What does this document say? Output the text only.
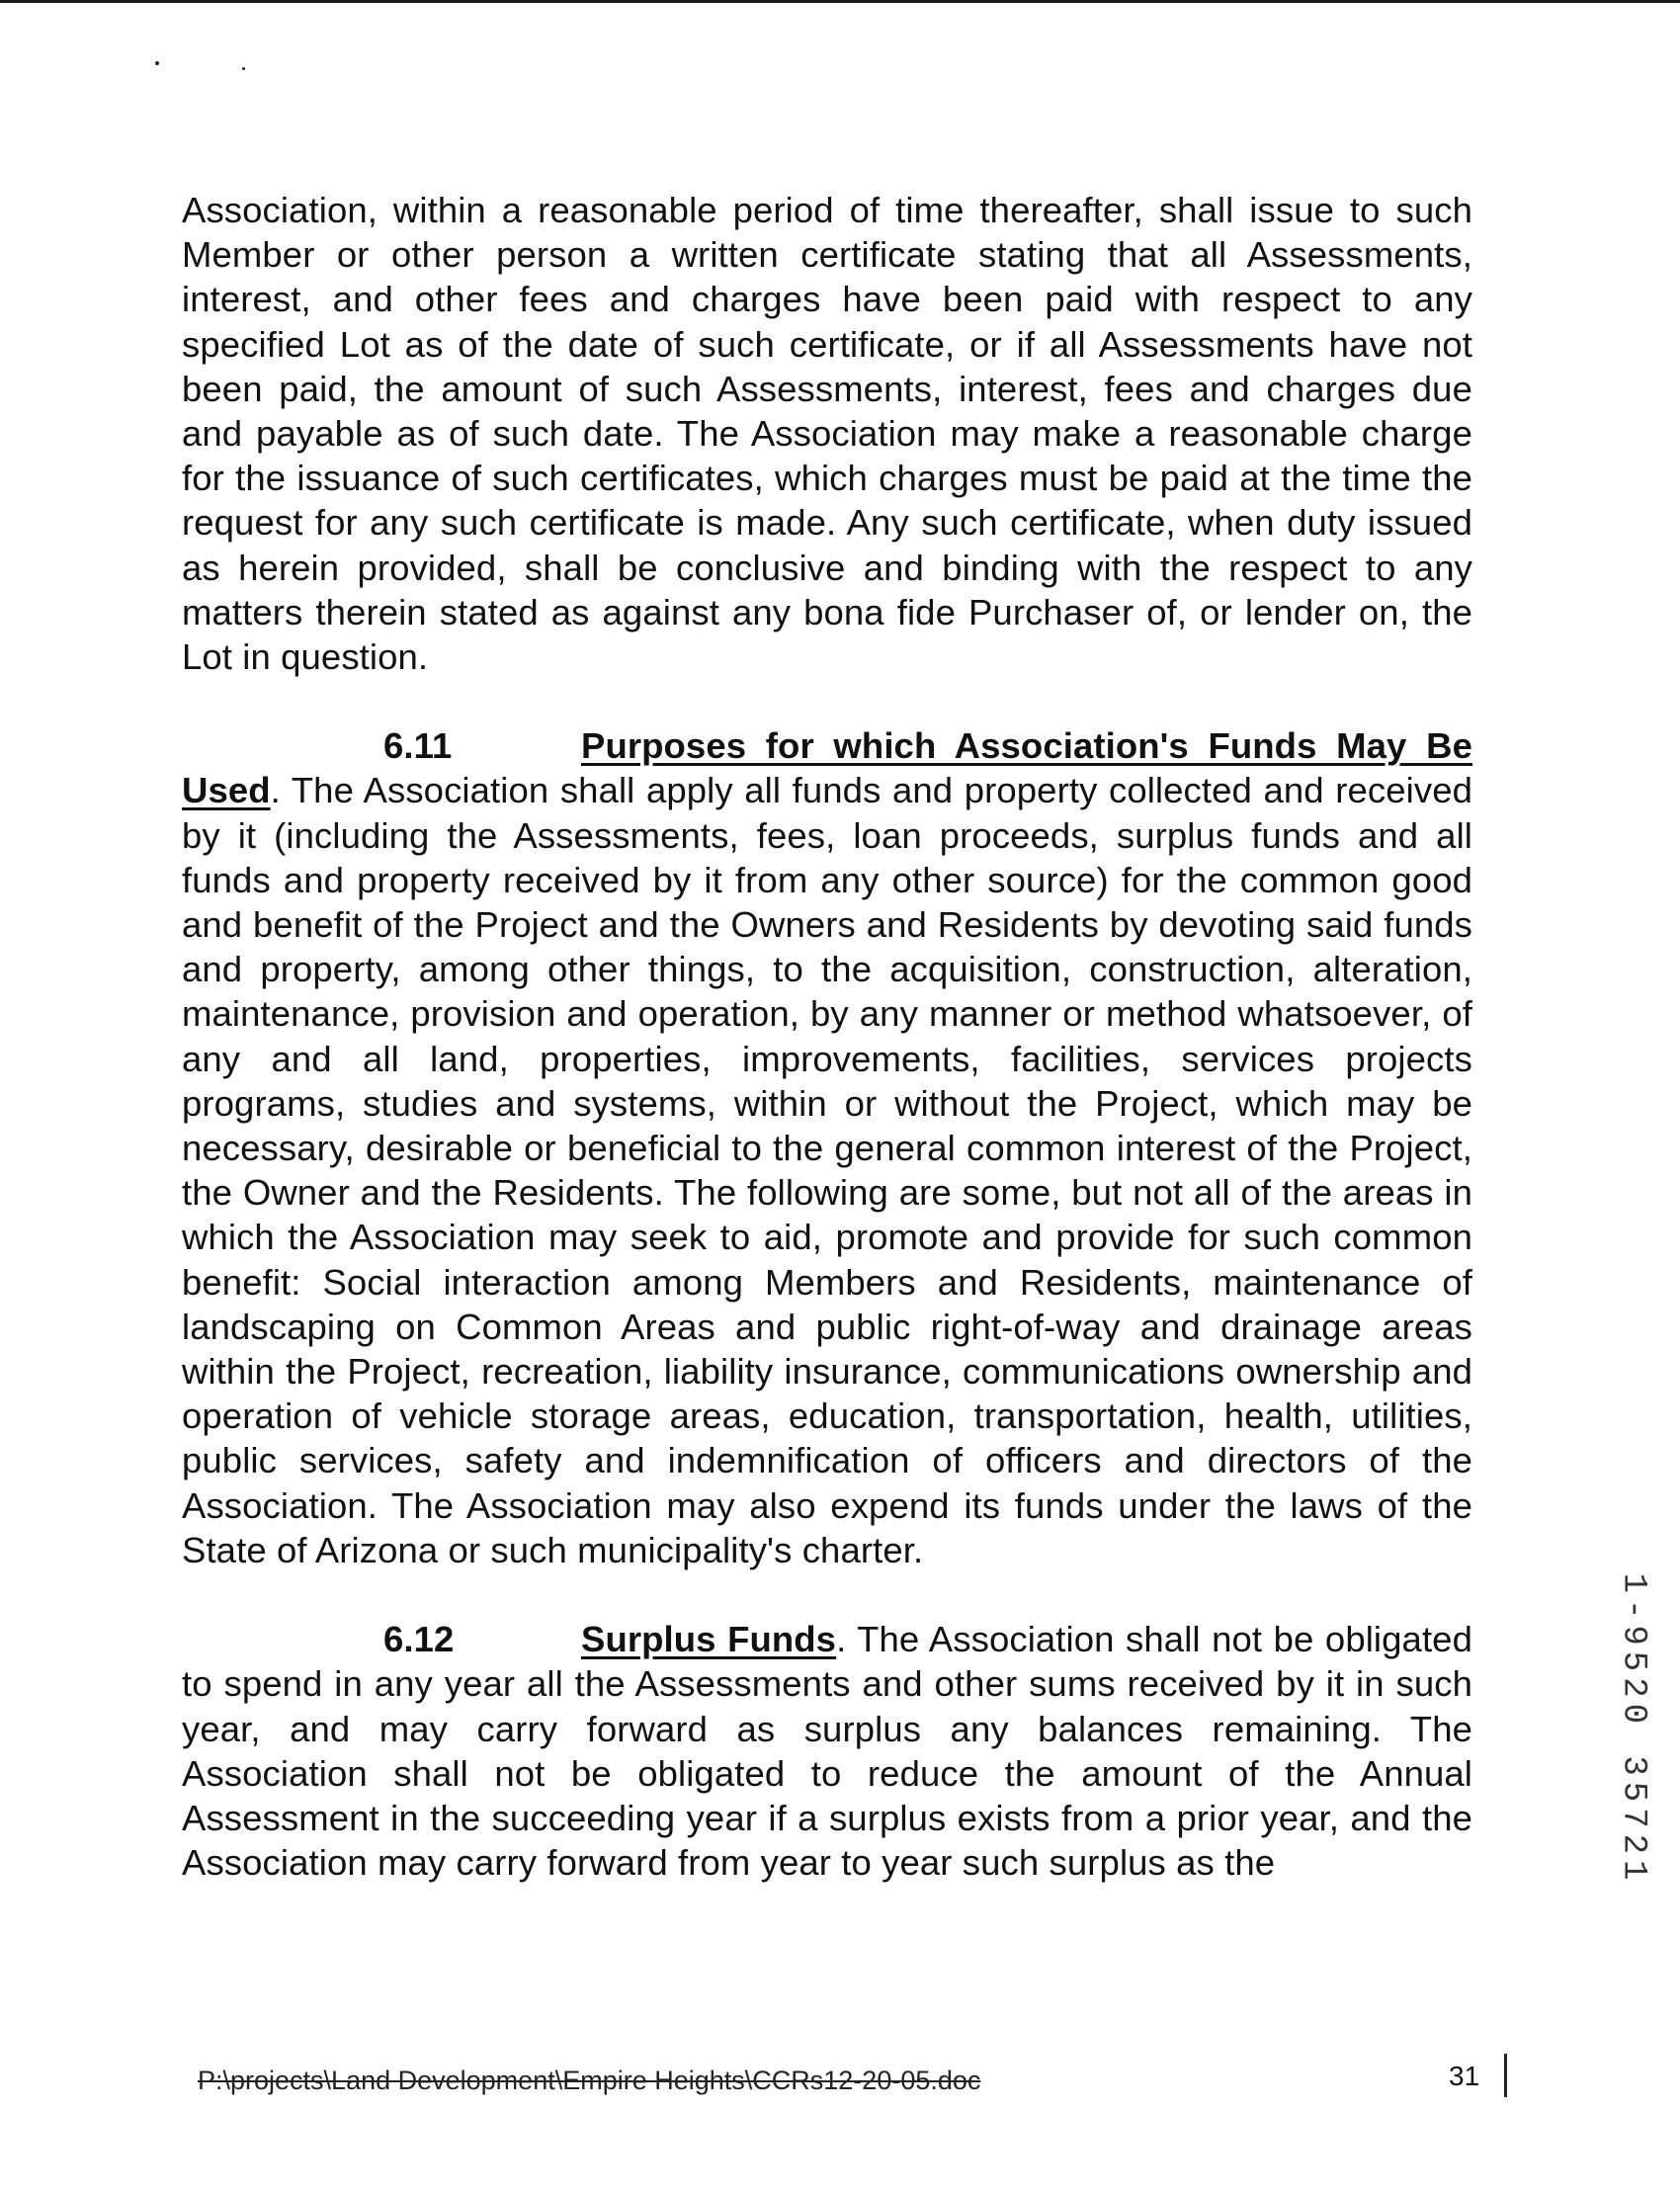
Association, within a reasonable period of time thereafter, shall issue to such Member or other person a written certificate stating that all Assessments, interest, and other fees and charges have been paid with respect to any specified Lot as of the date of such certificate, or if all Assessments have not been paid, the amount of such Assessments, interest, fees and charges due and payable as of such date. The Association may make a reasonable charge for the issuance of such certificates, which charges must be paid at the time the request for any such certificate is made. Any such certificate, when duty issued as herein provided, shall be conclusive and binding with the respect to any matters therein stated as against any bona fide Purchaser of, or lender on, the Lot in question.

6.11	Purposes for which Association's Funds May Be Used. The Association shall apply all funds and property collected and received by it (including the Assessments, fees, loan proceeds, surplus funds and all funds and property received by it from any other source) for the common good and benefit of the Project and the Owners and Residents by devoting said funds and property, among other things, to the acquisition, construction, alteration, maintenance, provision and operation, by any manner or method whatsoever, of any and all land, properties, improvements, facilities, services projects programs, studies and systems, within or without the Project, which may be necessary, desirable or beneficial to the general common interest of the Project, the Owner and the Residents. The following are some, but not all of the areas in which the Association may seek to aid, promote and provide for such common benefit: Social interaction among Members and Residents, maintenance of landscaping on Common Areas and public right-of-way and drainage areas within the Project, recreation, liability insurance, communications ownership and operation of vehicle storage areas, education, transportation, health, utilities, public services, safety and indemnification of officers and directors of the Association. The Association may also expend its funds under the laws of the State of Arizona or such municipality's charter.

6.12	Surplus Funds. The Association shall not be obligated to spend in any year all the Assessments and other sums received by it in such year, and may carry forward as surplus any balances remaining. The Association shall not be obligated to reduce the amount of the Annual Assessment in the succeeding year if a surplus exists from a prior year, and the Association may carry forward from year to year such surplus as the	1-9520 35721
P:\projects\Land Development\Empire Heights\CCRs12-20-05.doc	31
